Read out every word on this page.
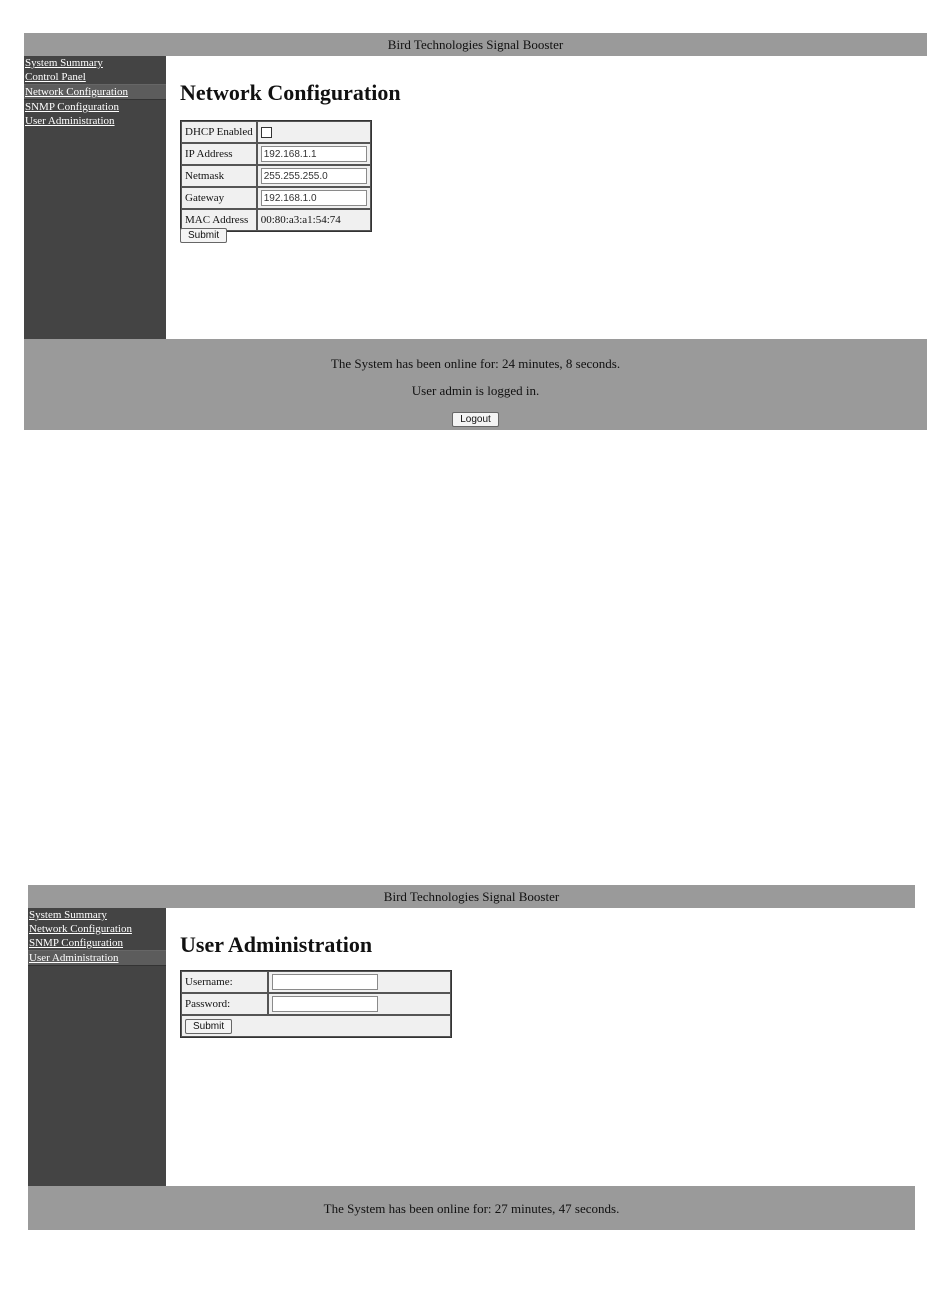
Bird Technologies Signal Booster
System Summary
Control Panel
Network Configuration
SNMP Configuration
User Administration
Network Configuration
DHCP Enabled	
IP Address	192.168.1.1
Netmask	255.255.255.0
Gateway	192.168.1.0
MAC Address	00:80:a3:a1:54:74
Submit

The System has been online for: 24 minutes, 8 seconds.

User admin is logged in.

Logout
Bird Technologies Signal Booster
System Summary
Network Configuration
SNMP Configuration
User Administration
User Administration
Username:	
Password:	
Submit	

The System has been online for: 27 minutes, 47 seconds.
